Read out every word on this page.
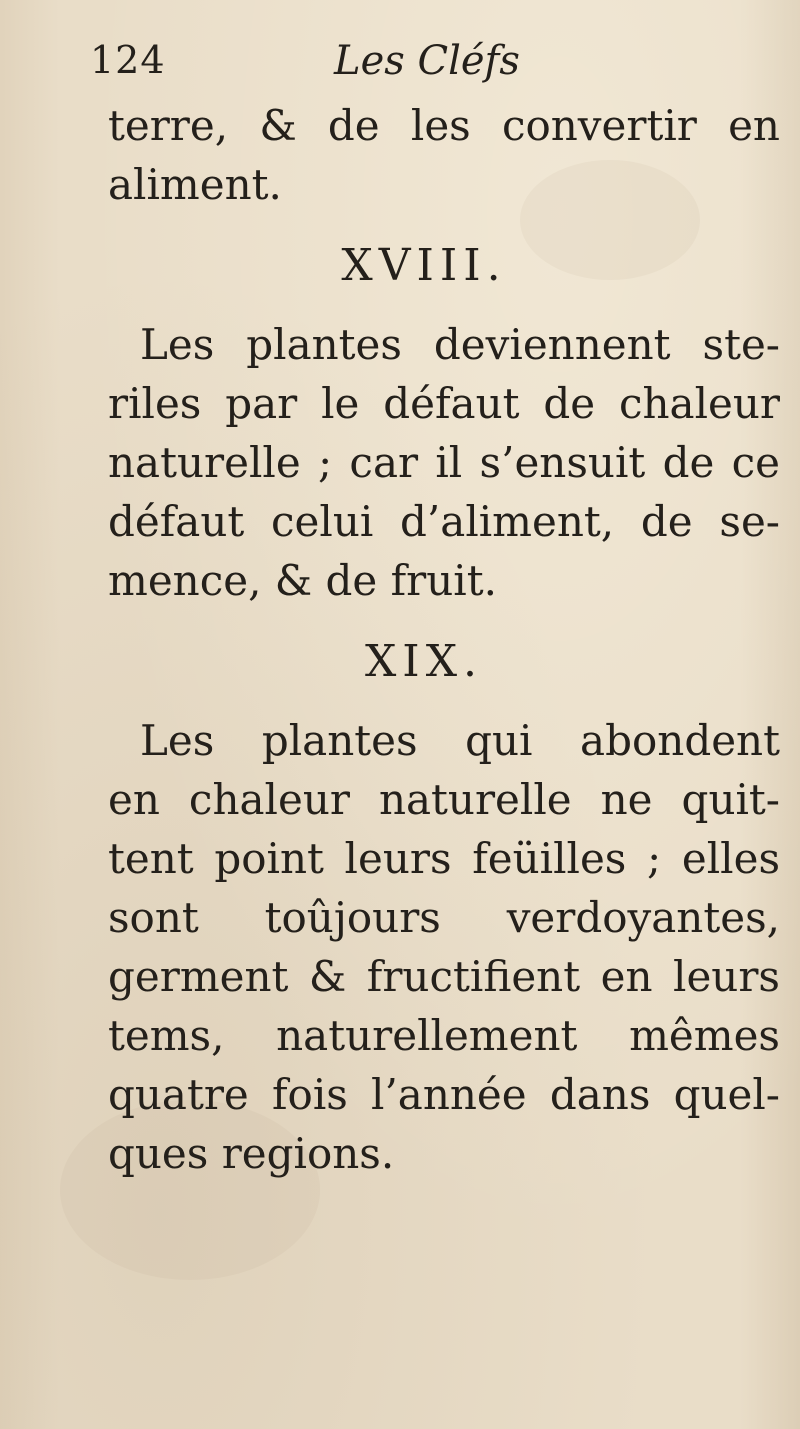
124	Les Cléfs
terre, & de les convertir en
aliment.
XVIII.
Les plantes deviennent ste-
riles par le défaut de chaleur
naturelle ; car il s’ensuit de ce
défaut celui d’aliment, de se-
mence, & de fruit.
XIX.
Les plantes qui abondent
en chaleur naturelle ne quit-
tent point leurs feüilles ; elles
sont toûjours verdoyantes,
germent & fructifient en leurs
tems, naturellement mêmes
quatre fois l’année dans quel-
ques regions.
